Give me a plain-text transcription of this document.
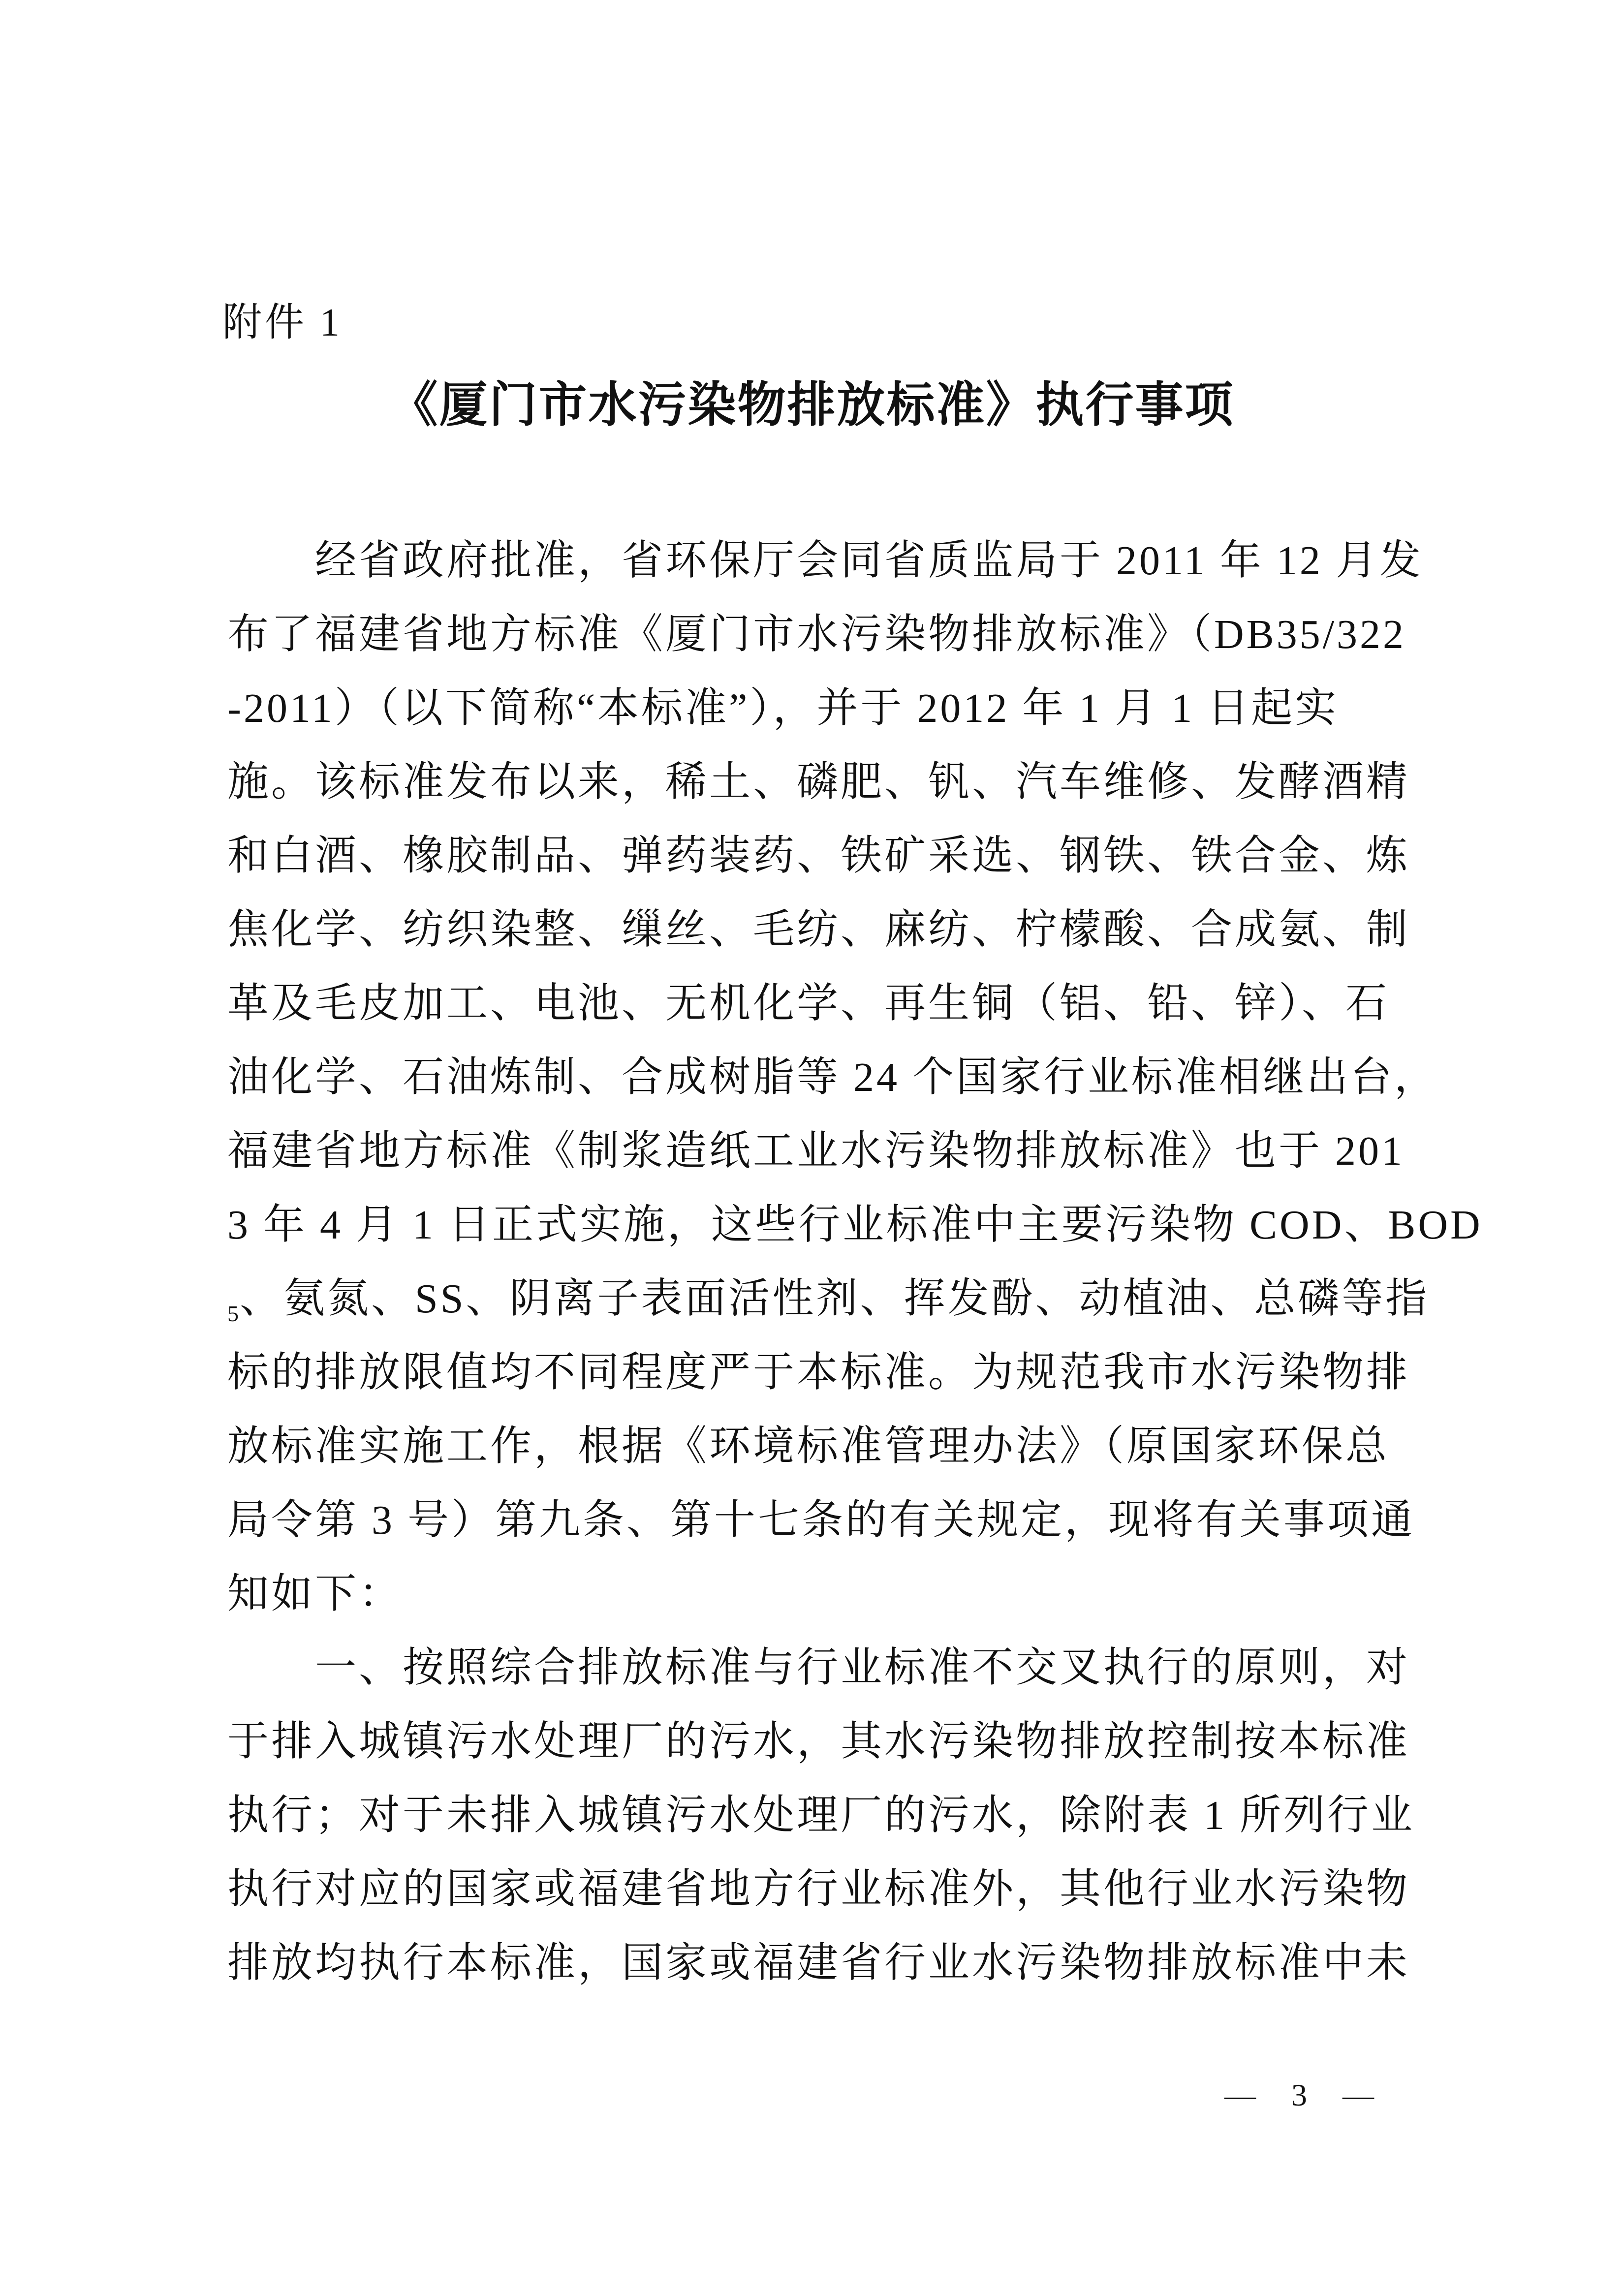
附件 1
《厦门市水污染物排放标准》执行事项
经省政府批准，省环保厅会同省质监局于 2011 年 12 月发
布了福建省地方标准《厦门市水污染物排放标准》（DB35/322
-2011）（以下简称“本标准”），并于 2012 年 1 月 1 日起实
施。该标准发布以来，稀土、磷肥、钒、汽车维修、发酵酒精
和白酒、橡胶制品、弹药装药、铁矿采选、钢铁、铁合金、炼
焦化学、纺织染整、缫丝、毛纺、麻纺、柠檬酸、合成氨、制
革及毛皮加工、电池、无机化学、再生铜（铝、铅、锌）、石
油化学、石油炼制、合成树脂等 24 个国家行业标准相继出台，
福建省地方标准《制浆造纸工业水污染物排放标准》也于 201
3 年 4 月 1 日正式实施，这些行业标准中主要污染物 COD、BOD
$_5$、氨氮、SS、阴离子表面活性剂、挥发酚、动植油、总磷等指
标的排放限值均不同程度严于本标准。为规范我市水污染物排
放标准实施工作，根据《环境标准管理办法》（原国家环保总
局令第 3 号）第九条、第十七条的有关规定，现将有关事项通
知如下：
一、按照综合排放标准与行业标准不交叉执行的原则，对
于排入城镇污水处理厂的污水，其水污染物排放控制按本标准
执行；对于未排入城镇污水处理厂的污水，除附表 1 所列行业
执行对应的国家或福建省地方行业标准外，其他行业水污染物
排放均执行本标准，国家或福建省行业水污染物排放标准中未
— 3 —
